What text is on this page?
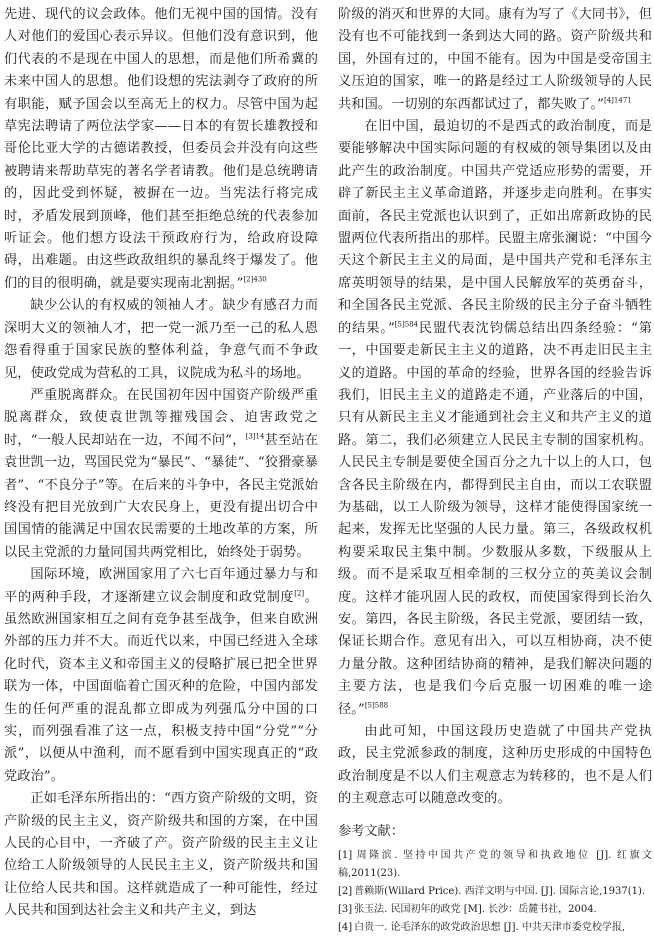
先进、现代的议会政体。他们无视中国的国情。没有人对他们的爱国心表示异议。但他们没有意识到，他们代表的不是现在中国人的思想，而是他们所希冀的未来中国人的思想。他们设想的宪法剥夺了政府的所有职能，赋予国会以至高无上的权力。尽管中国为起草宪法聘请了两位法学家——日本的有贺长雄教授和哥伦比亚大学的古德诺教授，但委员会并没有向这些被聘请来帮助草宪的著名学者请教。他们是总统聘请的，因此受到怀疑，被摒在一边。当宪法行将完成时，矛盾发展到顶峰，他们甚至拒绝总统的代表参加听证会。他们想方设法干预政府行为，给政府设障碍，出难题。由这些政敌组织的暴乱终于爆发了。他们的目的很明确，就是要实现南北割据。”$^{[2]430}$

缺少公认的有权威的领袖人才。缺少有感召力而深明大义的领袖人才，把一党一派乃至一己的私人恩怨看得重于国家民族的整体利益，争意气而不争政见，使政党成为营私的工具，议院成为私斗的场地。

严重脱离群众。在民国初年因中国资产阶级严重脱离群众，致使袁世凯等摧残国会、迫害政党之时，“一般人民却站在一边，不闻不问”，$^{[3]14}$甚至站在袁世凯一边，骂国民党为“暴民”、“暴徒”、“狡猾豪暴者”、“不良分子”等。在后来的斗争中，各民主党派始终没有把目光放到广大农民身上，更没有提出切合中国国情的能满足中国农民需要的土地改革的方案，所以民主党派的力量同国共两党相比，始终处于弱势。

国际环境，欧洲国家用了六七百年通过暴力与和平的两种手段，才逐渐建立议会制度和政党制度[2]。虽然欧洲国家相互之间有竞争甚至战争，但来自欧洲外部的压力并不大。而近代以来，中国已经进入全球化时代，资本主义和帝国主义的侵略扩展已把全世界联为一体，中国面临着亡国灭种的危险，中国内部发生的任何严重的混乱都立即成为列强瓜分中国的口实，而列强看准了这一点，积极支持中国“分党”“分派”，以便从中渔利，而不愿看到中国实现真正的“政党政治”。

正如毛泽东所指出的：“西方资产阶级的文明，资产阶级的民主主义，资产阶级共和国的方案，在中国人民的心目中，一齐破了产。资产阶级的民主主义让位给工人阶级领导的人民民主主义，资产阶级共和国让位给人民共和国。这样就造成了一种可能性，经过人民共和国到达社会主义和共产主义，到达

阶级的消灭和世界的大同。康有为写了《大同书》，但没有也不可能找到一条到达大同的路。资产阶级共和国，外国有过的，中国不能有。因为中国是受帝国主义压迫的国家，唯一的路是经过工人阶级领导的人民共和国。一切别的东西都试过了，都失败了。”$^{[4]1471}$

在旧中国，最迫切的不是西式的政治制度，而是要能够解决中国实际问题的有权威的领导集团以及由此产生的政治制度。中国共产党适应形势的需要，开辟了新民主主义革命道路，并逐步走向胜利。在事实面前，各民主党派也认识到了，正如出席新政协的民盟两位代表所指出的那样。民盟主席张澜说：“中国今天这个新民主主义的局面，是中国共产党和毛泽东主席英明领导的结果，是中国人民解放军的英勇奋斗，和全国各民主党派、各民主阶级的民主分子奋斗牺牲的结果。”$^{[5]584}$民盟代表沈钧儒总结出四条经验：“第一，中国要走新民主主义的道路，决不再走旧民主主义的道路。中国的革命的经验，世界各国的经验告诉我们，旧民主主义的道路走不通，产业落后的中国，只有从新民主主义才能通到社会主义和共产主义的道路。第二，我们必须建立人民民主专制的国家机构。人民民主专制是要使全国百分之九十以上的人口，包含各民主阶级在内，都得到民主自由，而以工农联盟为基础，以工人阶级为领导，这样才能使得国家统一起来，发挥无比坚强的人民力量。第三，各级政权机构要采取民主集中制。少数服从多数，下级服从上级。而不是采取互相牵制的三权分立的英美议会制度。这样才能巩固人民的政权，而使国家得到长治久安。第四，各民主阶级，各民主党派，要团结一致，保证长期合作。意见有出入，可以互相协商，决不使力量分散。这种团结协商的精神，是我们解决问题的主要方法，也是我们今后克服一切困难的唯一途径。”$^{[5]588}$

由此可知，中国这段历史造就了中国共产党执政，民主党派参政的制度，这种历史形成的中国特色政治制度是不以人们主观意志为转移的，也不是人们的主观意志可以随意改变的。

参考文献：

[1] 周隆滨. 坚持中国共产党的领导和执政地位 [J]. 红旗文稿,2011(23).
[2] 普赖斯(Willard Price). 西洋文明与中国. [J]. 国际言论,1937(1).
[3] 张玉法. 民国初年的政党 [M]. 长沙：岳麓书社，2004.
[4] 白贵一. 论毛泽东的政党政治思想 [J]. 中共天津市委党校学报,
